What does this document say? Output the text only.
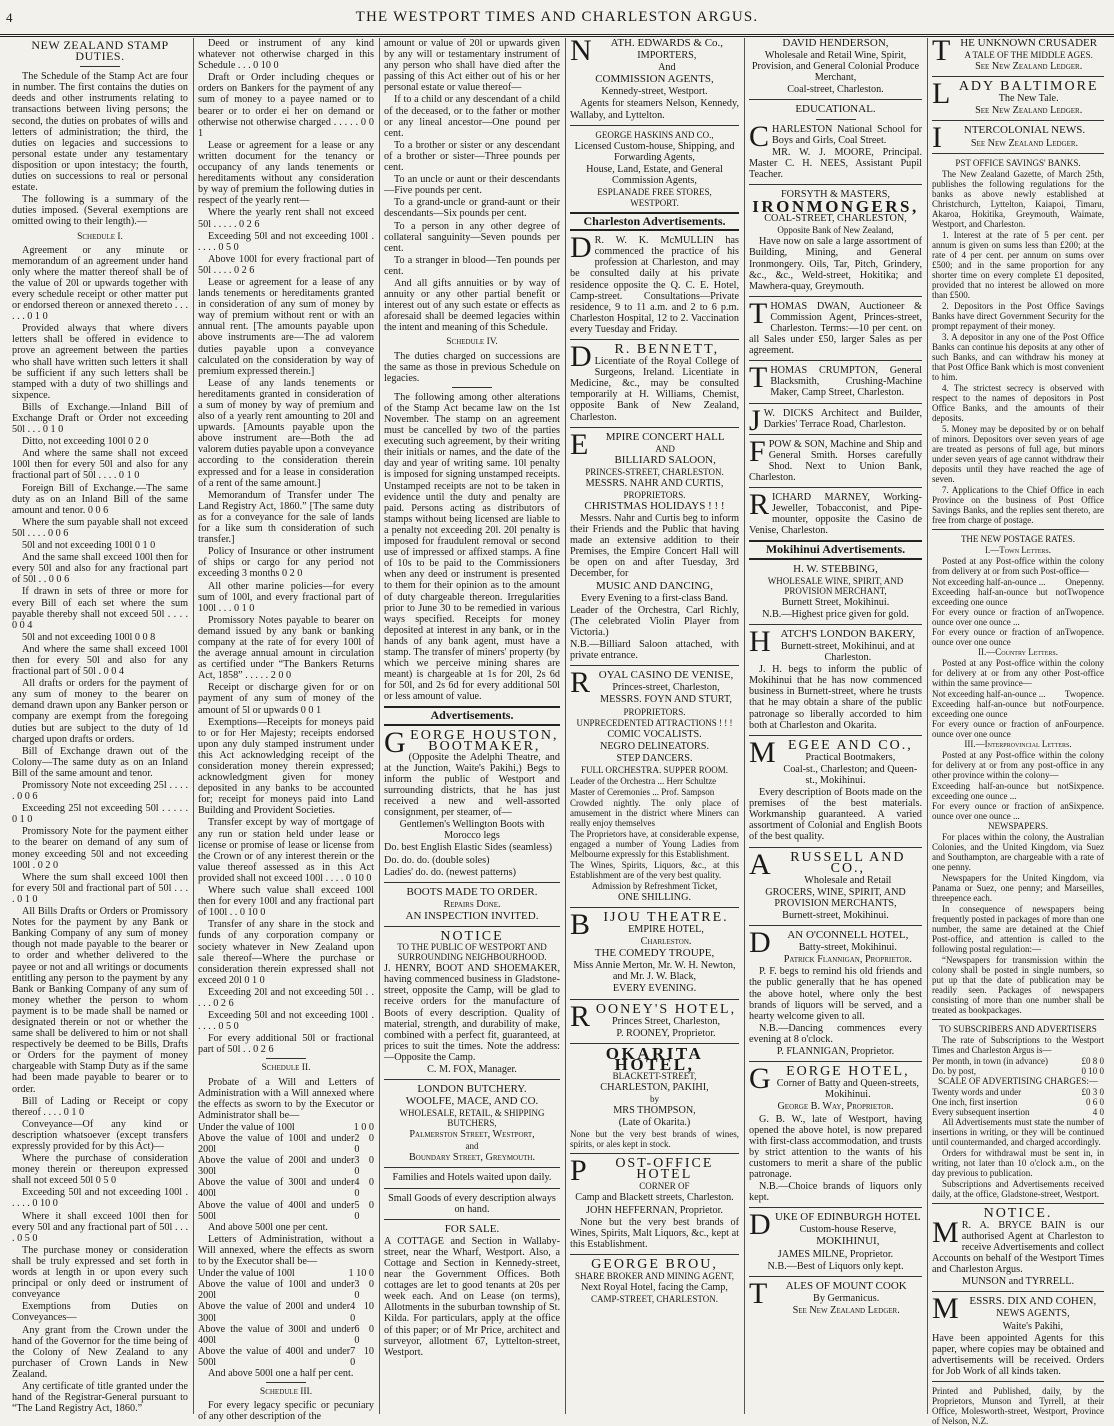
4	THE WESTPORT TIMES AND CHARLESTON ARGUS.
NEW ZEALAND STAMP DUTIES.

The Schedule of the Stamp Act are four in number. The first contains the duties on deeds and other instruments relating to transactions between living persons; the second, the duties on probates of wills and letters of administration; the third, the duties on legacies and successions to personal estate under any testamentary disposition or upon intestacy; the fourth, duties on successions to real or personal estate.

The following is a summary of the duties imposed. (Several exemptions are omitted owing to their length).—

Schedule I.

Agreement or any minute or memorandum of an agreement under hand only where the matter thereof shall be of the value of 20l or upwards together with every schedule receipt or other matter put or endorsed thereon or annexed thereto . . . . . . 0 1 0

Provided always that where divers letters shall be offered in evidence to prove an agreement between the parties who shall have written such letters it shall be sufficient if any such letters shall be stamped with a duty of two shillings and sixpence.

Bills of Exchange.—Inland Bill of Exchange Draft or Order not exceeding 50l . . . 0 1 0

Ditto, not exceeding 100l 0 2 0

And where the same shall not exceed 100l then for every 50l and also for any fractional part of 50l . . . . 0 1 0

Foreign Bill of Exchange.—The same duty as on an Inland Bill of the same amount and tenor. 0 0 6

Where the sum payable shall not exceed 50l . . . . 0 0 6

50l and not exceeding 100l 0 1 0

And the same shall exceed 100l then for every 50l and also for any fractional part of 50l . . 0 0 6

If drawn in sets of three or more for every Bill of each set where the sum payable thereby shall not exceed 50l . . . . 0 0 4

50l and not exceeding 100l 0 0 8

And where the same shall exceed 100l then for every 50l and also for any fractional part of 50l . 0 0 4

All drafts or orders for the payment of any sum of money to the bearer on demand drawn upon any Banker person or company are exempt from the foregoing duties but are subject to the duty of 1d charged upon drafts or orders.

Bill of Exchange drawn out of the Colony—The same duty as on an Inland Bill of the same amount and tenor.

Promissory Note not exceeding 25l . . . . . 0 0 6

Exceeding 25l not exceeding 50l . . . . . 0 1 0

Promissory Note for the payment either to the bearer on demand of any sum of money exceeding 50l and not exceeding 100l . 0 2 0

Where the sum shall exceed 100l then for every 50l and fractional part of 50l . . . . 0 1 0

All Bills Drafts or Orders or Promissory Notes for the payment by any Bank or Banking Company of any sum of money though not made payable to the bearer or to order and whether delivered to the payee or not and all writings or documents entitling any person to the payment by any Bank or Banking Company of any sum of money whether the person to whom payment is to be made shall be named or designated therein or not or whether the same shall be delivered to him or not shall respectively be deemed to be Bills, Drafts or Orders for the payment of money chargeable with Stamp Duty as if the same had been made payable to bearer or to order.

Bill of Lading or Receipt or copy thereof . . . . 0 1 0

Conveyance—Of any kind or description whatsoever (except transfers expressly provided for by this Act)—

Where the purchase of consideration money therein or thereupon expressed shall not exceed 50l 0 5 0

Exceeding 50l and not exceeding 100l . . . . . 0 10 0

Where it shall exceed 100l then for every 50l and any fractional part of 50l . . . . 0 5 0

The purchase money or consideration shall be truly expressed and set forth in words at length in or upon every such principal or only deed or instrument of conveyance

Exemptions from Duties on Conveyances—

Any grant from the Crown under the hand of the Governor for the time being of the Colony of New Zealand to any purchaser of Crown Lands in New Zealand.

Any certificate of title granted under the hand of the Registrar-General pursuant to “The Land Registry Act, 1860.”

Deed or instrument of any kind whatever not otherwise charged in this Schedule . . . 0 10 0

Draft or Order including cheques or orders on Bankers for the payment of any sum of money to a payee named or to bearer or to order ei her on demand or otherwise not otherwise charged . . . . . 0 0 1

Lease or agreement for a lease or any written document for the tenancy or occupancy of any lands tenements or hereditaments without any consideration by way of premium the following duties in respect of the yearly rent—

Where the yearly rent shall not exceed 50l . . . . . 0 2 6

Exceeding 50l and not exceeding 100l . . . . . 0 5 0

Above 100l for every fractional part of 50l . . . . 0 2 6

Lease or agreement for a lease of any lands tenements or hereditaments granted in consideration of any sum of money by way of premium without rent or with an annual rent. [The amounts payable upon above instruments are—The ad valorem duties payable upon a conveyance calculated on the consideration by way of premium expressed therein.]

Lease of any lands tenements or hereditaments granted in consideration of a sum of money by way of premium and also of a yearly rent amounting to 20l and upwards. [Amounts payable upon the above instrument are—Both the ad valorem duties payable upon a conveyance according to the consideration therein expressed and for a lease in consideration of a rent of the same amount.]

Memorandum of Transfer under The Land Registry Act, 1860.” [The same duty as for a conveyance for the sale of lands for a like sum th consideration of such transfer.]

Policy of Insurance or other instrument of ships or cargo for any period not exceeding 3 months 0 2 0

All other marine policies—for every sum of 100l, and every fractional part of 100l . . . 0 1 0

Promissory Notes payable to bearer on demand issued by any bank or banking company at the rate of for every 100l of the average annual amount in circulation as certified under “The Bankers Returns Act, 1858” . . . . . 2 0 0

Receipt or discharge given for or on payment of any sum of money of the amount of 5l or upwards 0 0 1

Exemptions—Receipts for moneys paid to or for Her Majesty; receipts endorsed upon any duly stamped instrument under this Act acknowledging receipt of the consideration money therein expressed; acknowledgment given for money deposited in any banks to be accounted for; receipt for moneys paid into Land Building and Provident Societies.

Transfer except by way of mortgage of any run or station held under lease or license or promise of lease or license from the Crown or of any interest therein or the value thereof assessed as in this Act provided shall not exceed 100l . . . . 0 10 0

Where such value shall exceed 100l then for every 100l and any fractional part of 100l . . 0 10 0

Transfer of any share in the stock and funds of any corporation company or society whatever in New Zealand upon sale thereof—Where the purchase or consideration therein expressed shall not exceed 20l 0 1 0

Exceeding 20l and not exceeding 50l . . . . . 0 2 6

Exceeding 50l and not exceeding 100l . . . . . 0 5 0

For every additional 50l or fractional part of 50l . . 0 2 6

Schedule II.

Probate of a Will and Letters of Administration with a Will annexed where the effects as sworn to by the Executor or Administrator shall be—

Under the value of 100l	1 0 0
Above the value of 100l and under 200l
2 0 0
Above the value of 200l and under 300l
3 0 0
Above the value of 300l and under 400l
4 0 0
Above the value of 400l and under 500l
5 0 0

And above 500l one per cent.

Letters of Administration, without a Will annexed, where the effects as sworn to by the Executor shall be—

Under the value of 100l	1 10 0
Above the value of 100l and under 200l
3 0 0
Above the value of 200l and under 300l
4 10 0
Above the value of 300l and under 400l
6 0 0
Above the value of 400l and under 500l
7 10 0

And above 500l one a half per cent.

Schedule III.

For every legacy specific or pecuniary of any other description of the

amount or value of 20l or upwards given by any will or testamentary instrument of any person who shall have died after the passing of this Act either out of his or her personal estate or value thereof—

If to a child or any descendant of a child of the deceased, or to the father or mother or any lineal ancestor—One pound per cent.

To a brother or sister or any descendant of a brother or sister—Three pounds per cent.

To an uncle or aunt or their descendants—Five pounds per cent.

To a grand-uncle or grand-aunt or their descendants—Six pounds per cent.

To a person in any other degree of collateral sanguinity—Seven pounds per cent.

To a stranger in blood—Ten pounds per cent.

And all gifts annuities or by way of annuity or any other partial benefit or interest out of any such estate or effects as aforesaid shall be deemed legacies within the intent and meaning of this Schedule.

Schedule IV.

The duties charged on successions are the same as those in previous Schedule on legacies.

The following among other alterations of the Stamp Act became law on the 1st November. The stamp on an agreement must be cancelled by two of the parties executing such agreement, by their writing their initials or names, and the date of the day and year of writing same. 10l penalty is imposed for signing unstamped receipts. Unstamped receipts are not to be taken in evidence until the duty and penalty are paid. Persons acting as distributors of stamps without being licensed are liable to a penalty not exceeding 20l. 20l penalty is imposed for fraudulent removal or second use of impressed or affixed stamps. A fine of 10s to be paid to the Commissioners when any deed or instrument is presented to them for their opinion as to the amount of duty chargeable thereon. Irregularities prior to June 30 to be remedied in various ways specified. Receipts for money deposited at interest in any bank, or in the hands of any bank agent, must have a stamp. The transfer of miners' property (by which we perceive mining shares are meant) is chargeable at 1s for 20l, 2s 6d for 50l, and 2s 6d for every additional 50l or less amount of value.

Advertisements.
G EORGE HOUSTON,
BOOTMAKER,

(Opposite the Adelphi Theatre, and at the Junction, Waite's Pakihi,) Begs to inform the public of Westport and surrounding districts, that he has just received a new and well-assorted consignment, per steamer, of—

Gentlemen's Wellington Boots with Morocco legs

Do. best English Elastic Sides (seamless)

Do. do. do. (double soles)

Ladies' do. do. (newest patterns)

BOOTS MADE TO ORDER.

Repairs Done.

AN INSPECTION INVITED.

NOTICE

TO THE PUBLIC OF WESTPORT AND SURROUNDING NEIGHBOURHOOD.

J. HENRY, BOOT AND SHOEMAKER, having commenced business in Gladstone-street, opposite the Camp, will be glad to receive orders for the manufacture of Boots of every description. Quality of material, strength, and durability of make, combined with a perfect fit, guaranteed, at prices to suit the times. Note the address:—Opposite the Camp.

C. M. FOX, Manager.

LONDON BUTCHERY.

WOOLFE, MACE, AND CO.

WHOLESALE, RETAIL, & SHIPPING BUTCHERS,

Palmerston Street, Westport,

and

Boundary Street, Greymouth.

Families and Hotels waited upon daily.

Small Goods of every description always on hand.

FOR SALE.

A COTTAGE and Section in Wallaby-street, near the Wharf, Westport. Also, a Cottage and Section in Kennedy-street, near the Government Offices. Both cottages are let to good tenants at 20s per week each. And on Lease (on terms), Allotments in the suburban township of St. Kilda. For particulars, apply at the office of this paper; or of Mr Price, architect and surveyor, allotment 67, Lyttelton-street, Westport.

N	ATH. EDWARDS & Co.,

IMPORTERS,

And

COMMISSION AGENTS,

Kennedy-street, Westport.

Agents for steamers Nelson, Kennedy, Wallaby, and Lyttelton.

GEORGE HASKINS AND CO.,

Licensed Custom-house, Shipping, and Forwarding Agents,

House, Land, Estate, and General Commission Agents,

ESPLANADE FREE STORES,

WESTPORT.

Charleston Advertisements.
D R. W. K. McMULLIN has commenced the practice of his profession at Charleston, and may be consulted daily at his private residence opposite the Q. C. E. Hotel, Camp-street. Consultations—Private residence, 9 to 11 a.m. and 2 to 6 p.m. Charleston Hospital, 12 to 2. Vaccination every Tuesday and Friday.

D	R. BENNETT,

Licentiate of the Royal College of Surgeons, Ireland. Licentiate in Medicine, &c., may be consulted temporarily at H. Williams, Chemist, opposite Bank of New Zealand, Charleston.

E	MPIRE CONCERT HALL

AND

BILLIARD SALOON,

PRINCES-STREET, CHARLESTON.

MESSRS. NAHR AND CURTIS,

PROPRIETORS.

CHRISTMAS HOLIDAYS ! ! !

Messrs. Nahr and Curtis beg to inform their Friends and the Public that having made an extensive addition to their Premises, the Empire Concert Hall will be open on and after Tuesday, 3rd December, for

MUSIC AND DANCING,

Every Evening to a first-class Band.

Leader of the Orchestra, Carl Richly, (The celebrated Violin Player from Victoria.)

N.B.—Billiard Saloon attached, with private entrance.

R OYAL CASINO DE VENISE,

Princes-street, Charleston,

MESSRS. FOYN AND STURT,

PROPRIETORS.

UNPRECEDENTED ATTRACTIONS ! ! !

COMIC VOCALISTS.

NEGRO DELINEATORS.

STEP DANCERS.

FULL ORCHESTRA. SUPPER ROOM.

Leader of the Orchestra ... Herr Schultze

Master of Ceremonies ... Prof. Sampson

Crowded nightly. The only place of amusement in the district where Miners can really enjoy themselves

The Proprietors have, at considerable expense, engaged a number of Young Ladies from Melbourne expressly for this Establishment.

The Wines, Spirits, Liquors, &c., at this Establishment are of the very best quality.

Admission by Refreshment Ticket,

ONE SHILLING.

B IJOU THEATRE.

EMPIRE HOTEL,

Charleston.

THE COMEDY TROUPE,

Miss Annie Merton, Mr. W. H. Newton, and Mr. J. W. Black,

EVERY EVENING.

R OONEY'S HOTEL,

Princes Street, Charleston,

P. ROONEY, Proprietor.

OKARITA HOTEL,

BLACKETT-STREET,

CHARLESTON, PAKIHI,

by

MRS THOMPSON,

(Late of Okarita.)

None but the very best brands of wines, spirits, or ales kept in stock.

P	OST-OFFICE HOTEL

CORNER OF

Camp and Blackett streets, Charleston.

JOHN HEFFERNAN, Proprietor.

None but the very best brands of Wines, Spirits, Malt Liquors, &c., kept at this Establishment.

GEORGE BROU,

SHARE BROKER AND MINING AGENT,

Next Royal Hotel, facing the Camp,

CAMP-STREET, CHARLESTON.

DAVID HENDERSON,

Wholesale and Retail Wine, Spirit, Provision, and General Colonial Produce Merchant,

Coal-street, Charleston.

EDUCATIONAL.

C HARLESTON National School for Boys and Girls, Coal Street.

MR. W. J. MOORE, Principal. Master C. H. NEES, Assistant Pupil Teacher.

FORSYTH & MASTERS,

IRONMONGERS,

COAL-STREET, CHARLESTON,

Opposite Bank of New Zealand,

Have now on sale a large assortment of Building, Mining, and General Ironmongery. Oils, Tar, Pitch, Grindery, &c., &c., Weld-street, Hokitika; and Mawhera-quay, Greymouth.

T HOMAS DWAN, Auctioneer & Commission Agent, Princes-street, Charleston. Terms:—10 per cent. on all Sales under £50, larger Sales as per agreement.

T HOMAS CRUMPTON, General Blacksmith, Crushing-Machine Maker, Camp Street, Charleston.

J W. DICKS Architect and Builder, Darkies' Terrace Road, Charleston.

F POW & SON, Machine and Ship and General Smith. Horses carefully Shod. Next to Union Bank, Charleston.

R ICHARD MARNEY, Working-Jeweller, Tobacconist, and Pipe-mounter, opposite the Casino de Venise, Charleston.

Mokihinui Advertisements.

H. W. STEBBING,

WHOLESALE WINE, SPIRIT, AND PROVISION MERCHANT,

Burnett Street, Mokihinui.

N.B.—Highest price given for gold.

H ATCH'S LONDON BAKERY,

Burnett-street, Mokihinui, and at Charleston.

J. H. begs to inform the public of Mokihinui that he has now commenced business in Burnett-street, where he trusts that he may obtain a share of the public patronage so liberally accorded to him both at Charleston and Okarita.

M EGEE AND CO.,

Practical Bootmakers,

Coal-st., Charleston; and Queen-st., Mokihinui.

Every description of Boots made on the premises of the best materials. Workmanship guaranteed. A varied assortment of Colonial and English Boots of the best quality.

A	RUSSELL AND CO.,

Wholesale and Retail

GROCERS, WINE, SPIRIT, AND PROVISION MERCHANTS,

Burnett-street, Mokihinui.

D	AN O'CONNELL HOTEL,

Batty-street, Mokihinui.

Patrick Flannigan, Proprietor.

P. F. begs to remind his old friends and the public generally that he has opened the above hotel, where only the best brands of liquors will be served, and a hearty welcome given to all.

N.B.—Dancing commences every evening at 8 o'clock.

P. FLANNIGAN, Proprietor.

G	EORGE HOTEL,

Corner of Batty and Queen-streets, Mokihinui.

George B. Way, Proprietor.

G. B. W., late of Westport, having opened the above hotel, is now prepared with first-class accommodation, and trusts by strict attention to the wants of his customers to merit a share of the public patronage.

N.B.—Choice brands of liquors only kept.

D UKE OF EDINBURGH HOTEL

Custom-house Reserve,

MOKIHINUI,

JAMES MILNE, Proprietor.

N.B.—Best of Liquors only kept.

T	ALES OF MOUNT COOK

By Germanicus.

See New Zealand Ledger.

T HE UNKNOWN CRUSADER

A TALE OF THE MIDDLE AGES.

See New Zealand Ledger.

L ADY BALTIMORE

The New Tale.

See New Zealand Ledger.

I	NTERCOLONIAL NEWS.

See New Zealand Ledger.

PST OFFICE SAVINGS' BANKS.

The New Zealand Gazette, of March 25th, publishes the following regulations for the banks as above newly established at Christchurch, Lyttelton, Kaiapoi, Timaru, Akaroa, Hokitika, Greymouth, Waimate, Westport, and Charleston.

1. Interest at the rate of 5 per cent. per annum is given on sums less than £200; at the rate of 4 per cent. per annum on sums over £500; and in the same proportion for any shorter time on every complete £1 deposited, provided that no interest be allowed on more than £500.

2. Depositors in the Post Office Savings Banks have direct Government Security for the prompt repayment of their money.

3. A depositor in any one of the Post Office Banks can continue his deposits at any other of such Banks, and can withdraw his money at that Post Office Bank which is most convenient to him.

4. The strictest secrecy is observed with respect to the names of depositors in Post Office Banks, and the amounts of their deposits.

5. Money may be deposited by or on behalf of minors. Depositors over seven years of age are treated as persons of full age, but minors under seven years of age cannot withdraw their deposits until they have reached the age of seven.

7. Applications to the Chief Office in each Province on the business of Post Office Savings Banks, and the replies sent thereto, are free from charge of postage.

THE NEW POSTAGE RATES.

I.—Town Letters.

Posted at any Post-office within the colony from delivery at or from such Post-office—

Not exceeding half-an-ounce ... Onepenny.
Exceeding half-an-ounce but not exceeding one ounce
Twopence
For every ounce or fraction of an ounce over one ounce ...
Twopence.
For every ounce or fraction of an ounce over one ounce
Twopence.

II.—Country Letters.

Posted at any Post-office within the colony for delivery at or from any other Post-office within the same province—

Not exceeding half-an-ounce ... Twopence.
Exceeding half-an-ounce but not exceeding one ounce
Fourpence.
For every ounce or fraction of an ounce over one ounce
Fourpence.

III.—Interprovincial Letters.

Posted at any Post-office within the colony for delivery at or from any post-office in any other province within the colony—

Exceeding half-an-ounce but not exceeding one ounce ...
Sixpence.
For every ounce or fraction of an ounce over one ounce ...
Sixpence.

NEWSPAPERS.

For places within the colony, the Australian Colonies, and the United Kingdom, via Suez and Southampton, are chargeable with a rate of one penny.

Newspapers for the United Kingdom, via Panama or Suez, one penny; and Marseilles, threepence each.

In consequence of newspapers being frequently posted in packages of more than one number, the same are detained at the Chief Post-office, and attention is called to the following postal regulation:—

“Newspapers for transmission within the colony shall be posted in single numbers, so put up that the date of publication may be readily seen. Packages of newspapers consisting of more than one number shall be treated as bookpackages.

TO SUBSCRIBERS AND ADVERTISERS

The rate of Subscriptions to the Westport Times and Charleston Argus is—

Per month, in town (in advance)	£0 8 0
Do. by post,	0 10 0

SCALE OF ADVERTISING CHARGES:—

Twenty words and under	£0 3 0
One inch, first insertion	0 6 0
Every subsequent insertion	4 0

All Advertisements must state the number of insertions in writing, or they will be continued until countermanded, and charged accordingly.

Orders for withdrawal must be sent in, in writing, not later than 10 o'clock a.m., on the day previous to publication.

Subscriptions and Advertisements received daily, at the office, Gladstone-street, Westport.

NOTICE.

M R. A. BRYCE BAIN is our authorised Agent at Charleston to receive Advertisements and collect Accounts on behalf of the Westport Times and Charleston Argus.

MUNSON and TYRRELL.

M ESSRS. DIX AND COHEN,

NEWS AGENTS,

Waite's Pakihi,

Have been appointed Agents for this paper, where copies may be obtained and advertisements will be received. Orders for Job Work of all kinds taken.

Printed and Published, daily, by the Proprietors, Munson and Tyrrell, at their Office, Molesworth-street, Westport, Province of Nelson, N.Z.
